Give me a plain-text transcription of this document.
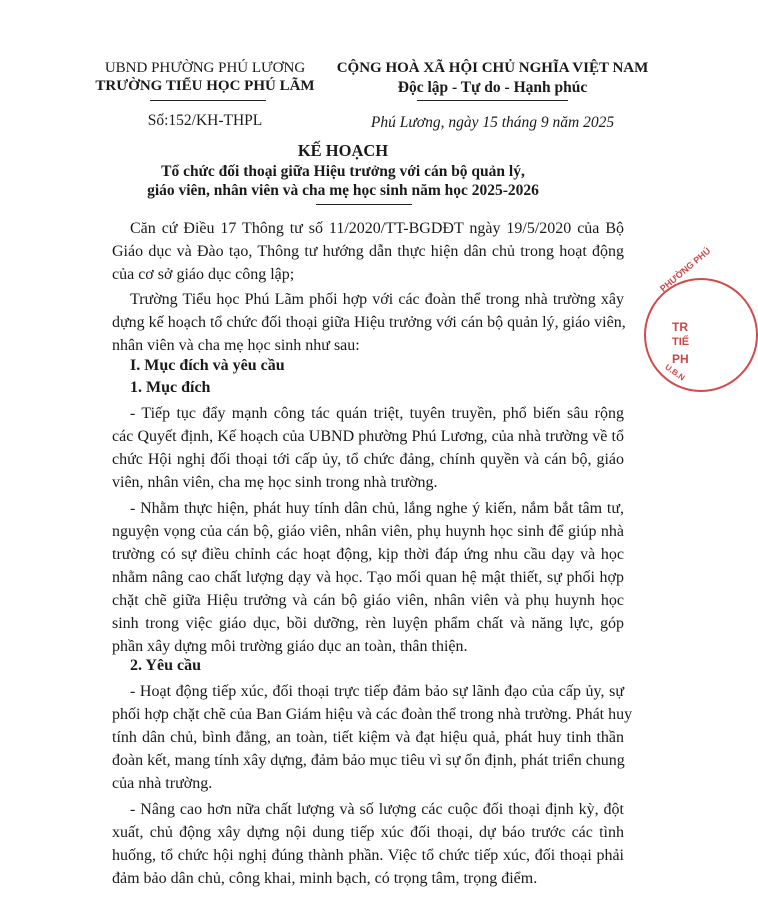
UBND PHƯỜNG PHÚ LƯƠNG
TRƯỜNG TIỂU HỌC PHÚ LÃM
Số:152/KH-THPL
CỘNG HOÀ XÃ HỘI CHỦ NGHĨA VIỆT NAM
Độc lập - Tự do - Hạnh phúc
Phú Lương, ngày 15 tháng 9 năm 2025
KẾ HOẠCH
Tổ chức đối thoại giữa Hiệu trưởng với cán bộ quản lý,
giáo viên, nhân viên và cha mẹ học sinh năm học 2025-2026
Căn cứ Điều 17 Thông tư số 11/2020/TT-BGDĐT ngày 19/5/2020 của Bộ
Giáo dục và Đào tạo, Thông tư hướng dẫn thực hiện dân chủ trong hoạt động
của cơ sở giáo dục công lập;
Trường Tiểu học Phú Lãm phối hợp với các đoàn thể trong nhà trường xây
dựng kế hoạch tổ chức đối thoại giữa Hiệu trưởng với cán bộ quản lý, giáo viên,
nhân viên và cha mẹ học sinh như sau:
I. Mục đích và yêu cầu
1. Mục đích
- Tiếp tục đẩy mạnh công tác quán triệt, tuyên truyền, phổ biến sâu rộng
các Quyết định, Kế hoạch của UBND phường Phú Lương, của nhà trường về tổ
chức Hội nghị đối thoại tới cấp ủy, tổ chức đảng, chính quyền và cán bộ, giáo
viên, nhân viên, cha mẹ học sinh trong nhà trường.
- Nhằm thực hiện, phát huy tính dân chủ, lắng nghe ý kiến, nắm bắt tâm tư,
nguyện vọng của cán bộ, giáo viên, nhân viên, phụ huynh học sinh để giúp nhà
trường có sự điều chỉnh các hoạt động, kịp thời đáp ứng nhu cầu dạy và học
nhằm nâng cao chất lượng dạy và học. Tạo mối quan hệ mật thiết, sự phối hợp
chặt chẽ giữa Hiệu trưởng và cán bộ giáo viên, nhân viên và phụ huynh học
sinh trong việc giáo dục, bồi dưỡng, rèn luyện phẩm chất và năng lực, góp
phần xây dựng môi trường giáo dục an toàn, thân thiện.
2. Yêu cầu
- Hoạt động tiếp xúc, đối thoại trực tiếp đảm bảo sự lãnh đạo của cấp ủy, sự
phối hợp chặt chẽ của Ban Giám hiệu và các đoàn thể trong nhà trường. Phát huy
tính dân chủ, bình đẳng, an toàn, tiết kiệm và đạt hiệu quả, phát huy tinh thần
đoàn kết, mang tính xây dựng, đảm bảo mục tiêu vì sự ổn định, phát triển chung
của nhà trường.
- Nâng cao hơn nữa chất lượng và số lượng các cuộc đối thoại định kỳ, đột
xuất, chủ động xây dựng nội dung tiếp xúc đối thoại, dự báo trước các tình
huống, tổ chức hội nghị đúng thành phần. Việc tổ chức tiếp xúc, đối thoại phải
đảm bảo dân chủ, công khai, minh bạch, có trọng tâm, trọng điểm.
PHƯỜNG PHÚ
TR
TIỂ
PH
U.B.N
